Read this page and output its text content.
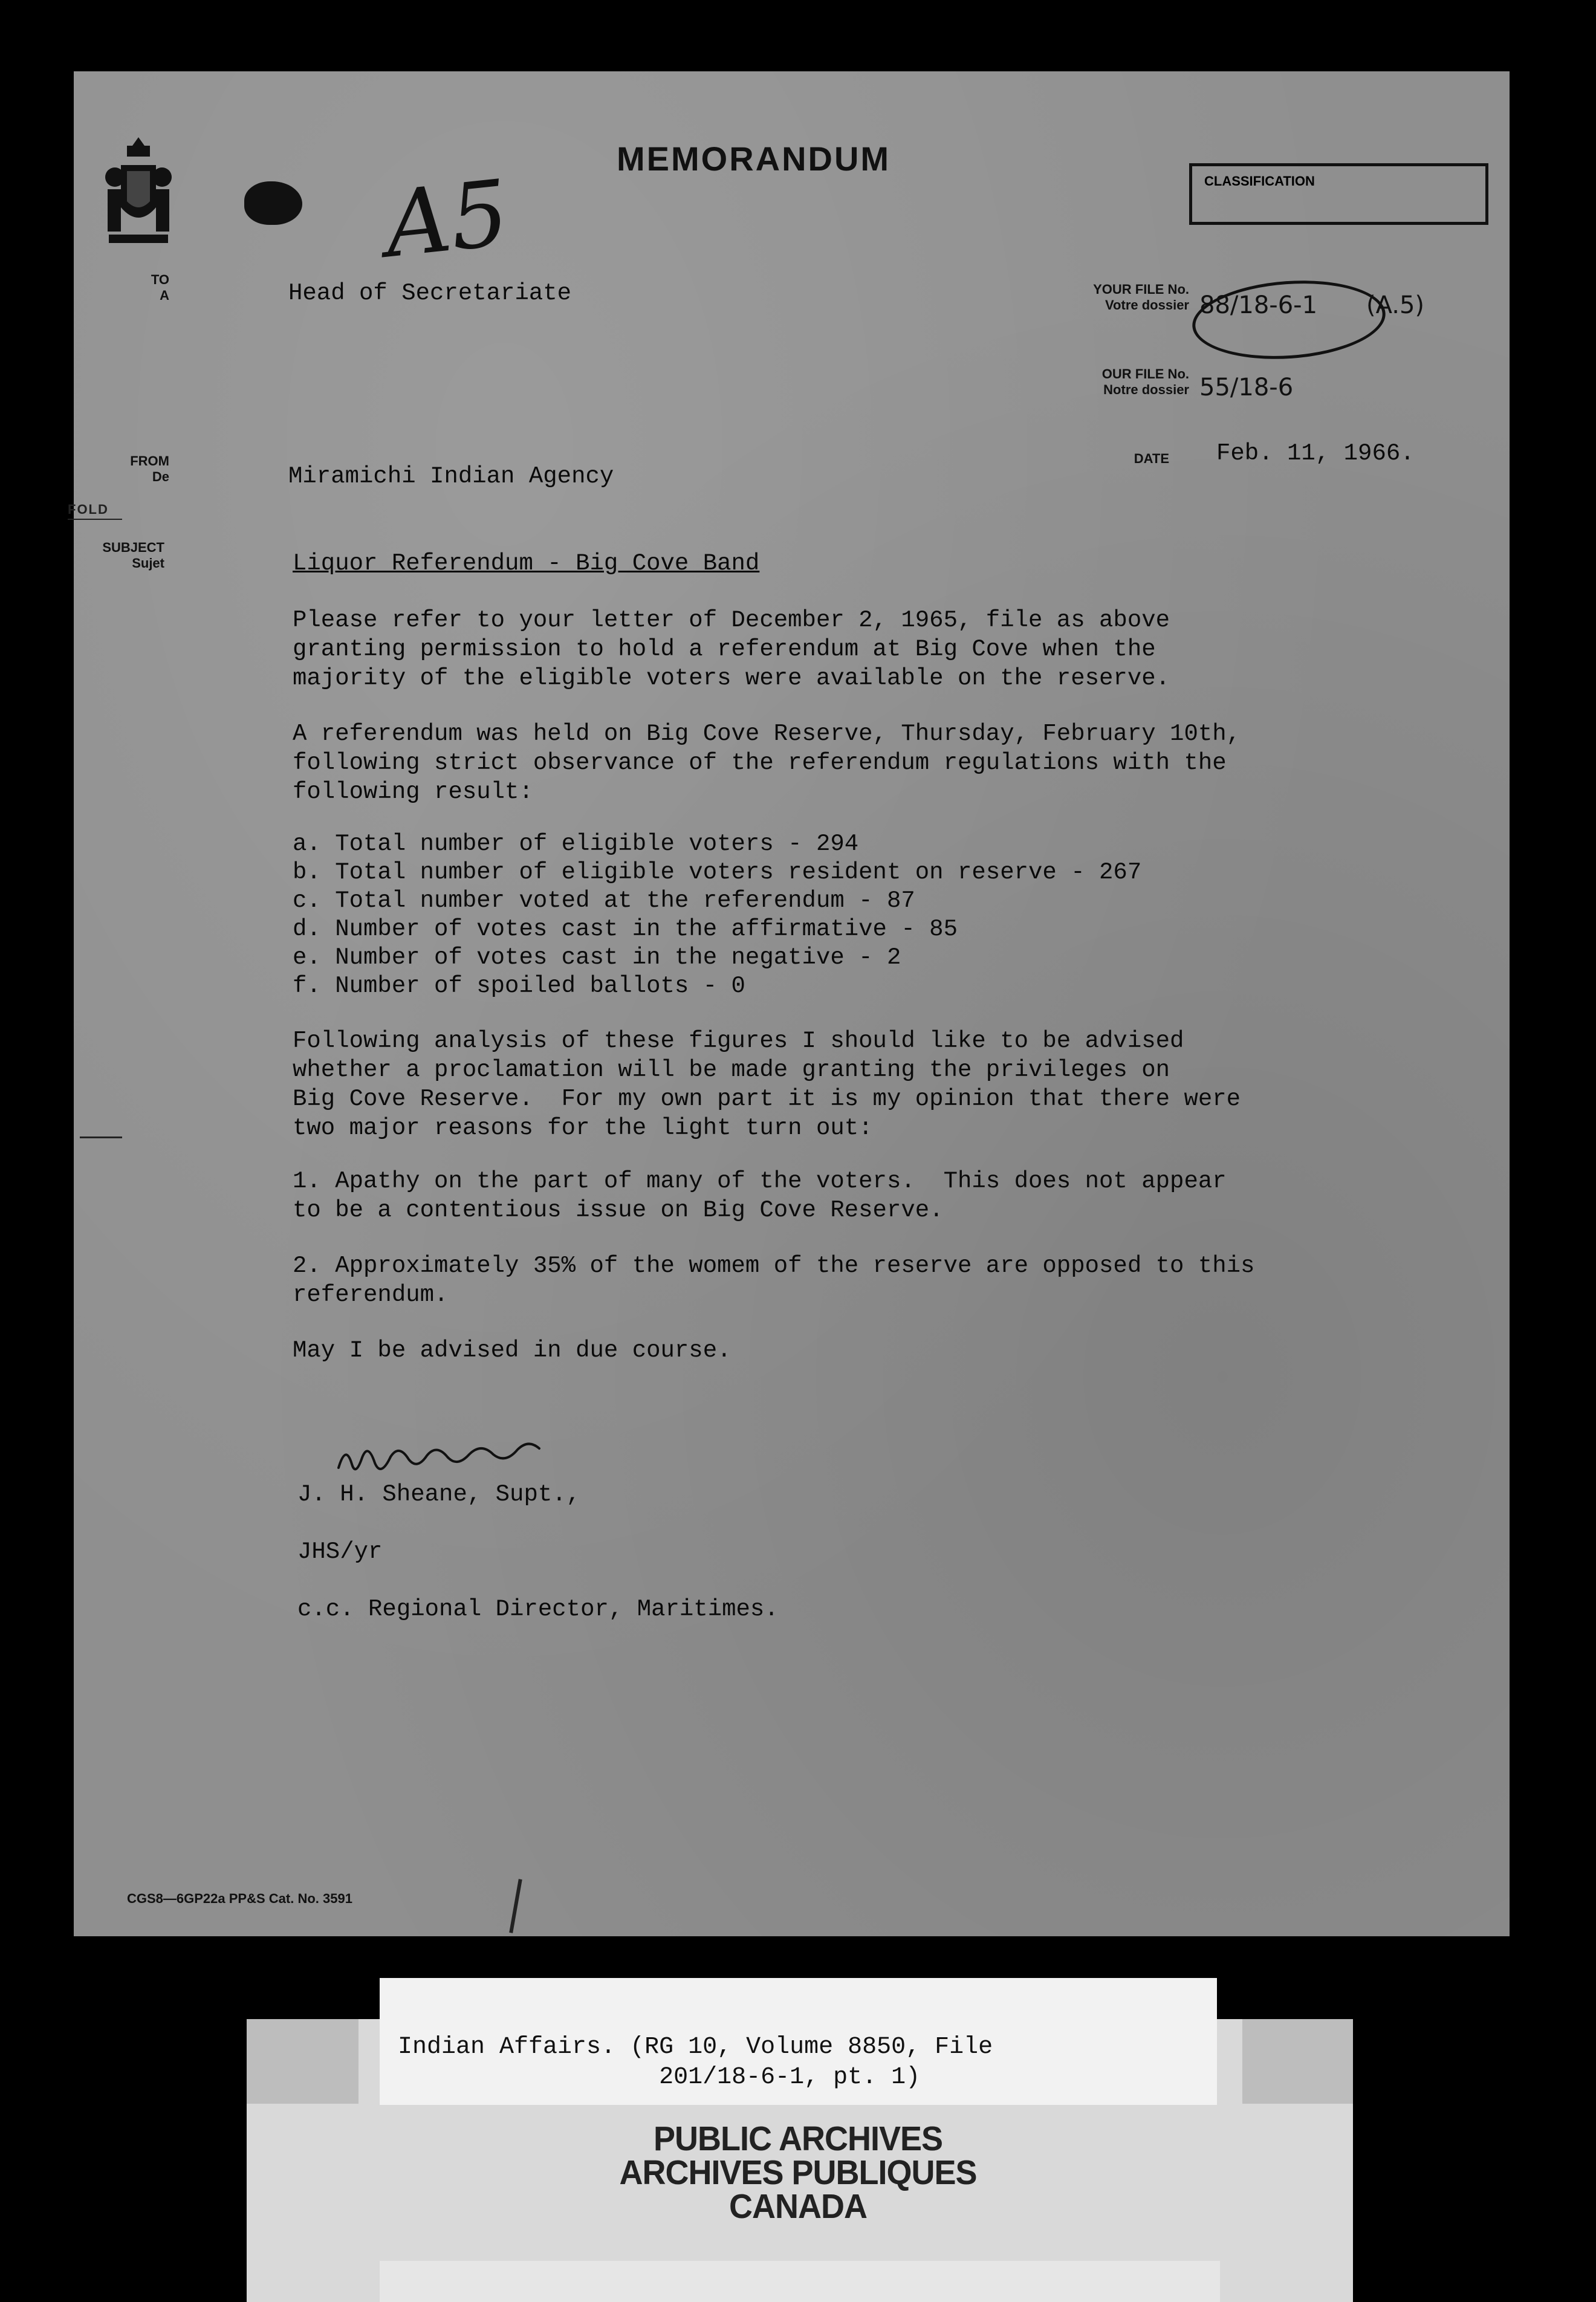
A5
MEMORANDUM
CLASSIFICATION
TO
A	Head of Secretariate	YOUR FILE No.
Votre dossier 88/18-6-1 (A.5)
OUR FILE No.
Notre dossier 55/18-6
FROM
De	Miramichi Indian Agency
DATE Feb. 11, 1966.
FOLD
SUBJECT
Sujet	Liquor Referendum - Big Cove Band
Please refer to your letter of December 2, 1965, file as above
granting permission to hold a referendum at Big Cove when the
majority of the eligible voters were available on the reserve.
A referendum was held on Big Cove Reserve, Thursday, February 10th,
following strict observance of the referendum regulations with the
following result:
a. Total number of eligible voters - 294
b. Total number of eligible voters resident on reserve - 267
c. Total number voted at the referendum - 87
d. Number of votes cast in the affirmative - 85
e. Number of votes cast in the negative - 2
f. Number of spoiled ballots - 0
Following analysis of these figures I should like to be advised
whether a proclamation will be made granting the privileges on
Big Cove Reserve.  For my own part it is my opinion that there were
two major reasons for the light turn out:
1. Apathy on the part of many of the voters.  This does not appear
to be a contentious issue on Big Cove Reserve.
2. Approximately 35% of the womem of the reserve are opposed to this
referendum.
May I be advised in due course.
J. H. Sheane, Supt.,
JHS/yr
c.c. Regional Director, Maritimes.
CGS8—6GP22a PP&S Cat. No. 3591
Indian Affairs. (RG 10, Volume 8850, File
201/18-6-1, pt. 1)
PUBLIC ARCHIVES
ARCHIVES PUBLIQUES
CANADA
